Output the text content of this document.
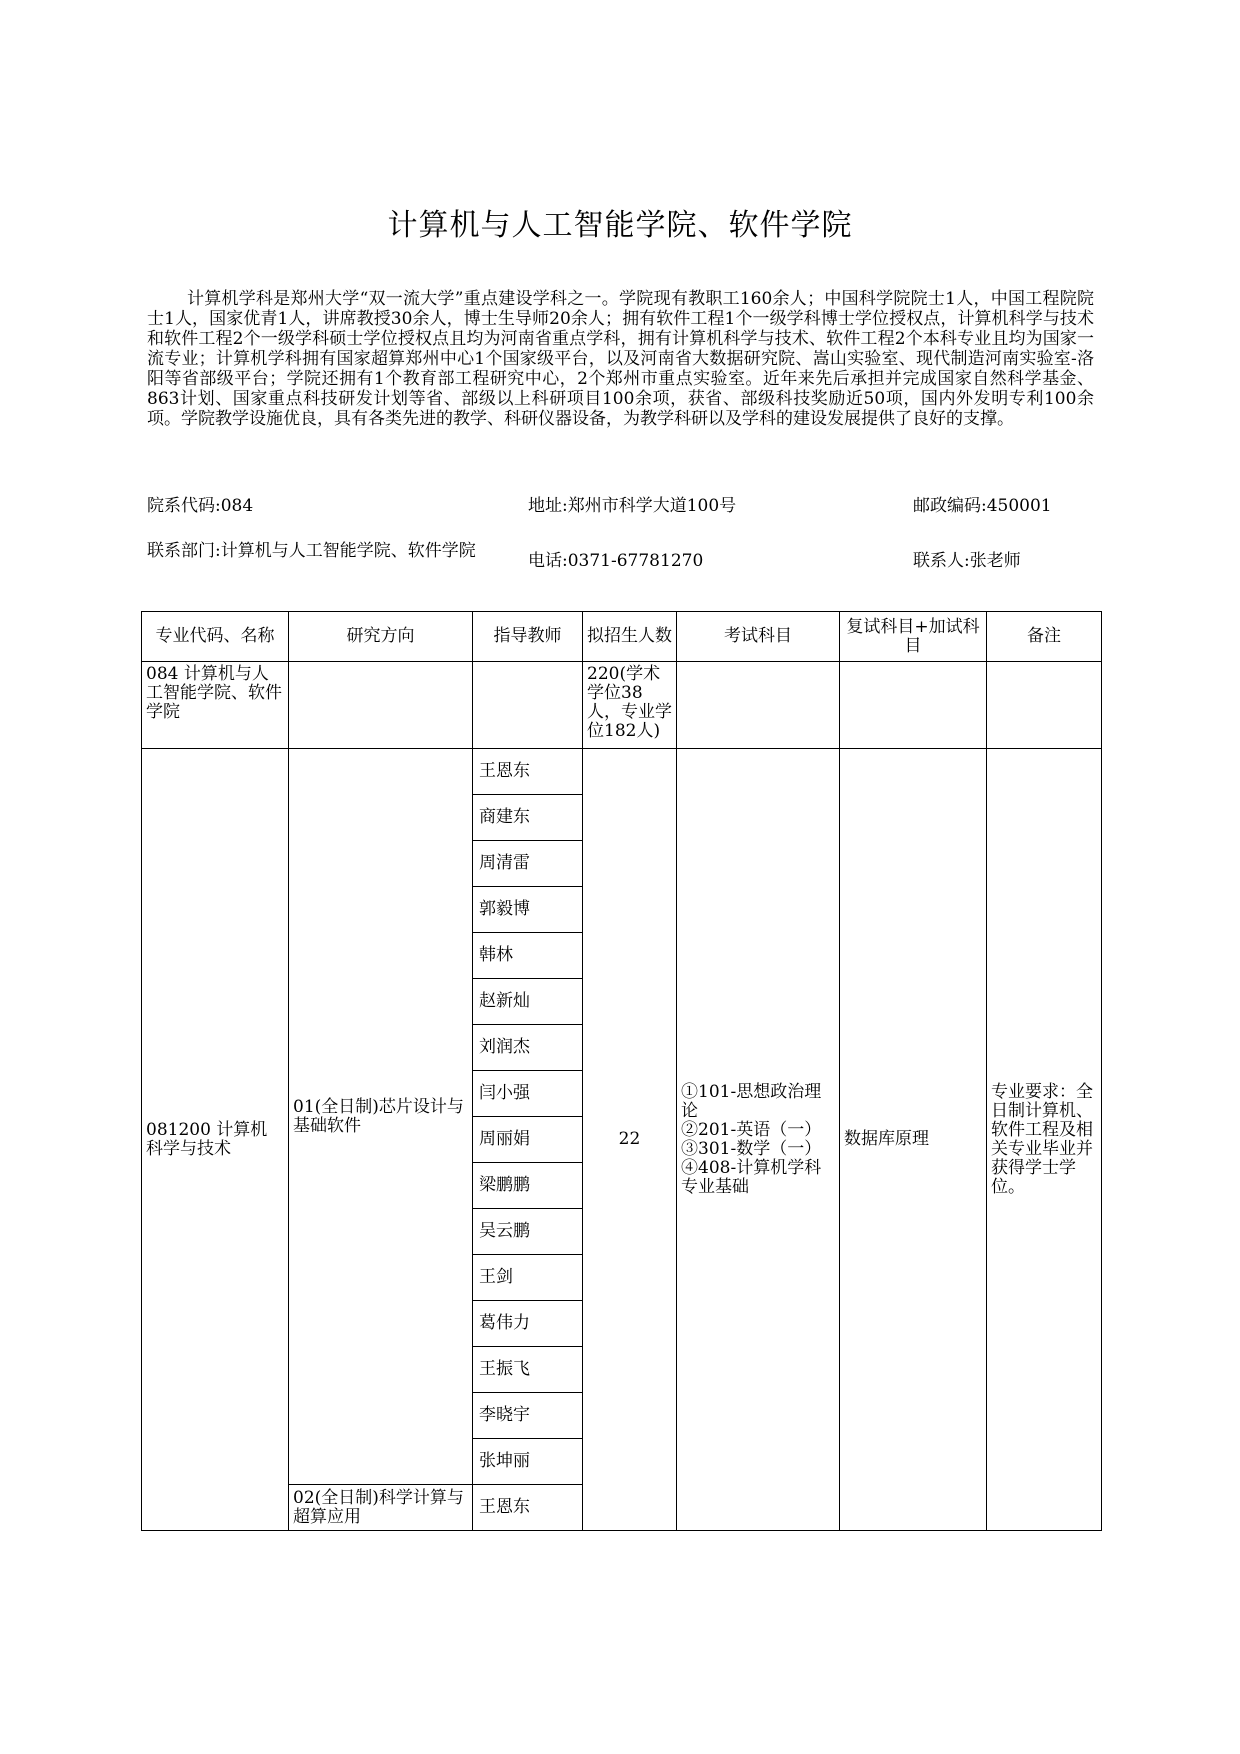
计算机与人工智能学院、软件学院

计算机学科是郑州大学“双一流大学”重点建设学科之一。学院现有教职工160余人；中国科学院院士1人，中国工程院院士1人，国家优青1人，讲席教授30余人，博士生导师20余人；拥有软件工程1个一级学科博士学位授权点，计算机科学与技术和软件工程2个一级学科硕士学位授权点且均为河南省重点学科，拥有计算机科学与技术、软件工程2个本科专业且均为国家一流专业；计算机学科拥有国家超算郑州中心1个国家级平台，以及河南省大数据研究院、嵩山实验室、现代制造河南实验室-洛阳等省部级平台；学院还拥有1个教育部工程研究中心，2个郑州市重点实验室。近年来先后承担并完成国家自然科学基金、863计划、国家重点科技研发计划等省、部级以上科研项目100余项，获省、部级科技奖励近50项，国内外发明专利100余项。学院教学设施优良，具有各类先进的教学、科研仪器设备，为教学科研以及学科的建设发展提供了良好的支撑。

院系代码:084	地址:郑州市科学大道100号	邮政编码:450001
联系部门:计算机与人工智能学院、软件学院	电话:0371-67781270	联系人:张老师
专业代码、名称	研究方向	指导教师	拟招生人数	考试科目	复试科目+加试科目	备注
084 计算机与人工智能学院、软件学院			220(学术学位38人，专业学位182人)			
081200 计算机科学与技术	01(全日制)芯片设计与基础软件	王恩东	22	①101-思想政治理论
②201-英语（一）
③301-数学（一）
④408-计算机学科专业基础	数据库原理	专业要求：全日制计算机、软件工程及相关专业毕业并获得学士学位。
		商建东				
		周清雷				
		郭毅博				
		韩林				
		赵新灿				
		刘润杰				
		闫小强				
		周丽娟				
		梁鹏鹏				
		吴云鹏				
		王剑				
		葛伟力				
		王振飞				
		李晓宇				
		张坤丽				
	02(全日制)科学计算与超算应用	王恩东				
